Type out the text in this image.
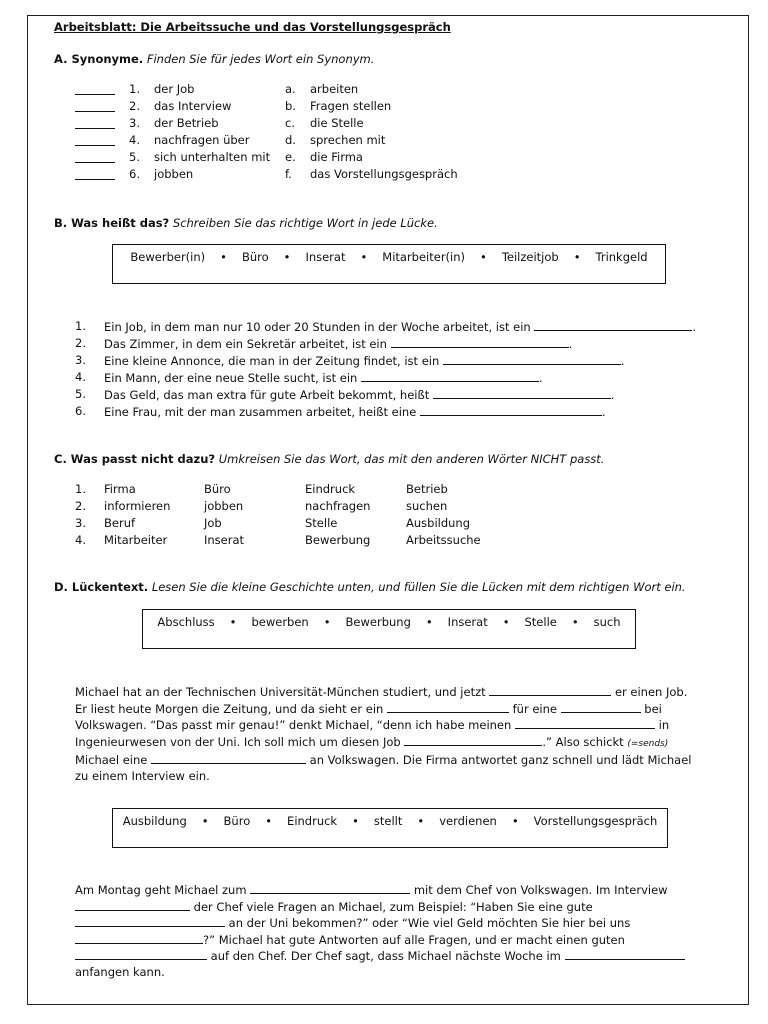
Arbeitsblatt: Die Arbeitssuche und das Vorstellungsgespräch
A. Synonyme. Finden Sie für jedes Wort ein Synonym.
1. der Job
2. das Interview
3. der Betrieb
4. nachfragen über
5. sich unterhalten mit
6. jobben
a. arbeiten
b. Fragen stellen
c. die Stelle
d. sprechen mit
e. die Firma
f. das Vorstellungsgespräch
B. Was heißt das? Schreiben Sie das richtige Wort in jede Lücke.
Bewerber(in) • Büro • Inserat • Mitarbeiter(in) • Teilzeitjob • Trinkgeld
1. Ein Job, in dem man nur 10 oder 20 Stunden in der Woche arbeitet, ist ein	.
2. Das Zimmer, in dem ein Sekretär arbeitet, ist ein	.
3. Eine kleine Annonce, die man in der Zeitung findet, ist ein	.
4. Ein Mann, der eine neue Stelle sucht, ist ein	.
5. Das Geld, das man extra für gute Arbeit bekommt, heißt	.
6. Eine Frau, mit der man zusammen arbeitet, heißt eine	.
C. Was passt nicht dazu? Umkreisen Sie das Wort, das mit den anderen Wörter NICHT passt.
1. Firma	Büro	Eindruck	Betrieb
2. informieren	jobben	nachfragen	suchen
3. Beruf	Job	Stelle	Ausbildung
4. Mitarbeiter	Inserat	Bewerbung	Arbeitssuche
D. Lückentext. Lesen Sie die kleine Geschichte unten, und füllen Sie die Lücken mit dem richtigen Wort ein.
Abschluss • bewerben • Bewerbung • Inserat • Stelle • such
Michael hat an der Technischen Universität-München studiert, und jetzt	er einen Job. Er liest heute Morgen die Zeitung, und da sieht er ein	für eine	bei Volkswagen. “Das passt mir genau!” denkt Michael, “denn ich habe meinen	in Ingenieurwesen von der Uni. Ich soll mich um diesen Job	.” Also schickt (=sends) Michael eine	an Volkswagen. Die Firma antwortet ganz schnell und lädt Michael zu einem Interview ein.
Ausbildung • Büro • Eindruck • stellt • verdienen • Vorstellungsgespräch
Am Montag geht Michael zum	mit dem Chef von Volkswagen. Im Interview  der Chef viele Fragen an Michael, zum Beispiel: “Haben Sie eine gute  an der Uni bekommen?” oder “Wie viel Geld möchten Sie hier bei uns ?” Michael hat gute Antworten auf alle Fragen, und er macht einen guten  auf den Chef. Der Chef sagt, dass Michael nächste Woche im  anfangen kann.
